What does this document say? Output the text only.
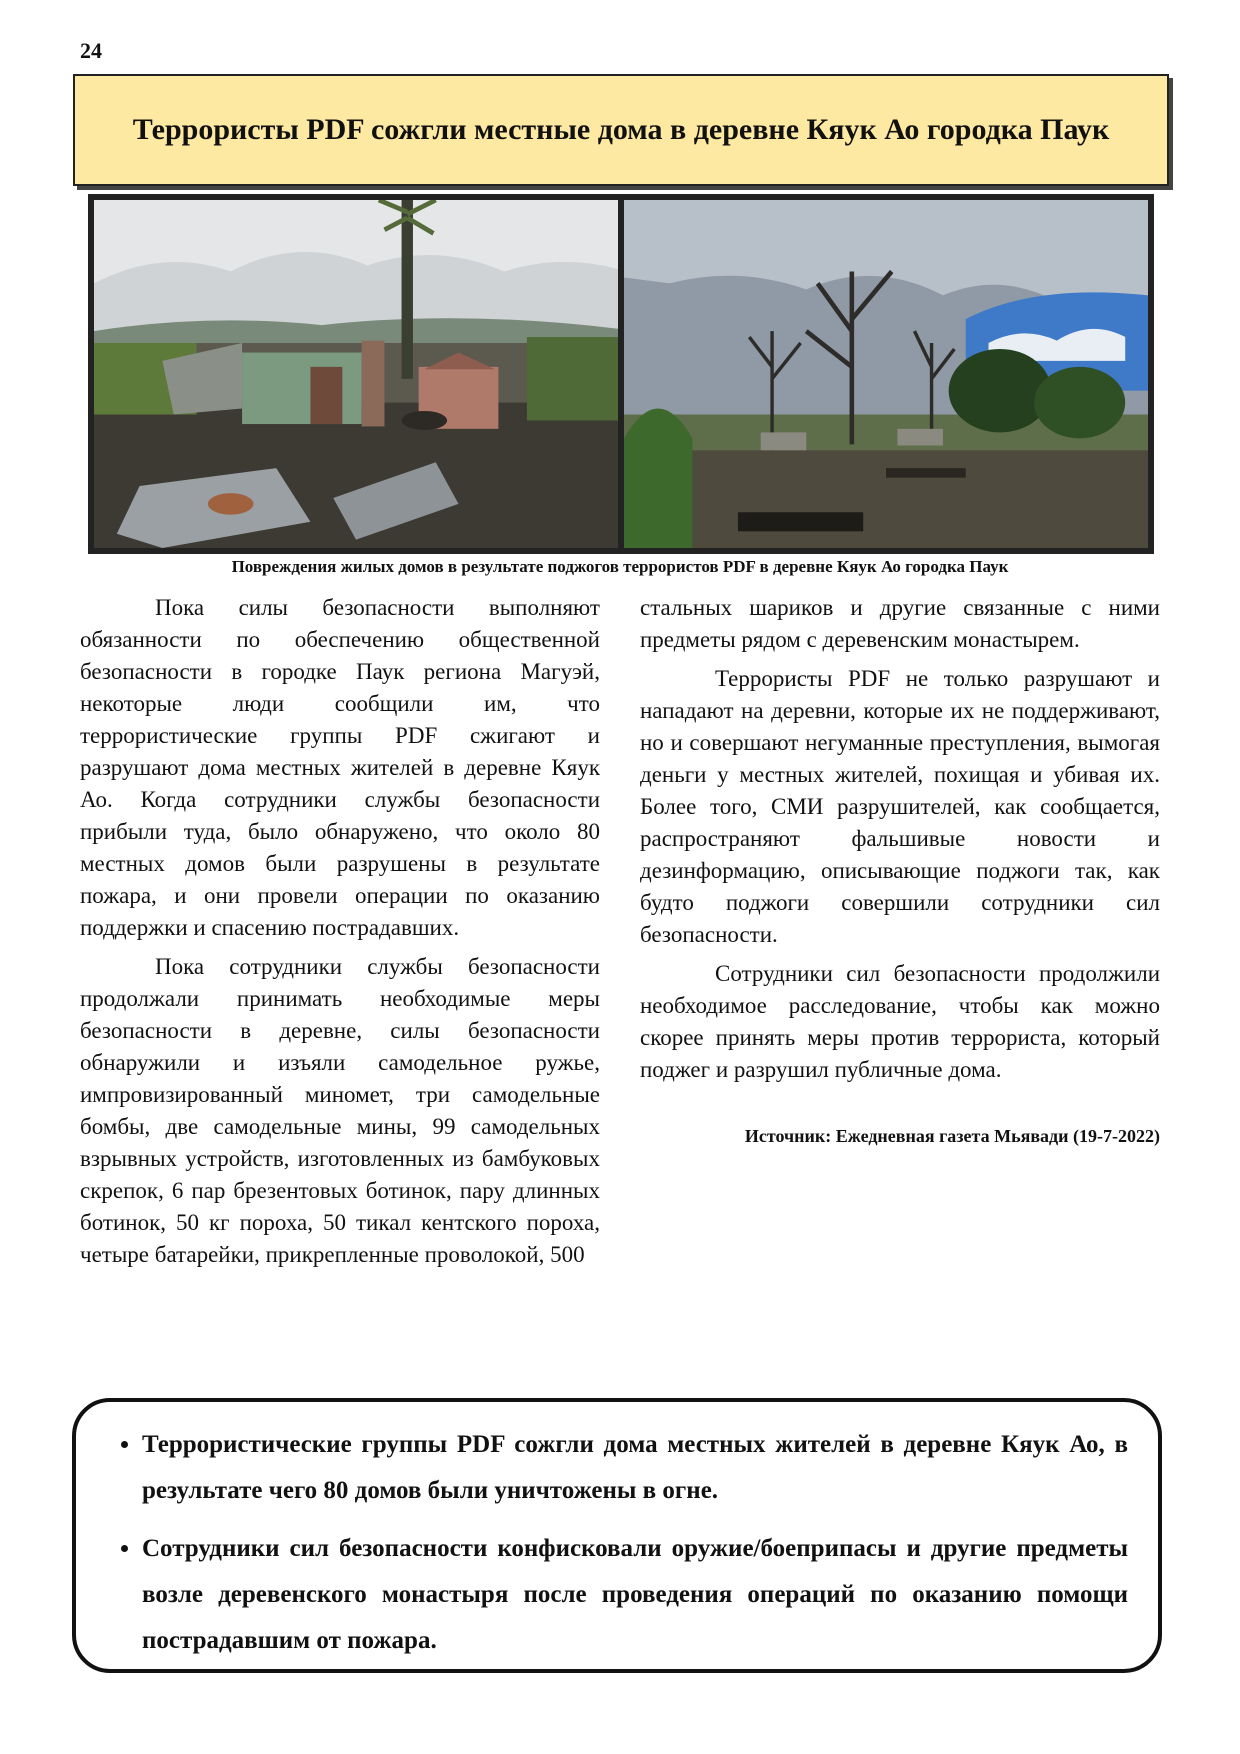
24
Террористы PDF сожгли местные дома в деревне Кяук Ао городка Паук
Повреждения жилых домов в результате поджогов террористов PDF в деревне Кяук Ао городка Паук

Пока силы безопасности выполняют обязанности по обеспечению общественной безопасности в городке Паук региона Магуэй, некоторые люди сообщили им, что террористические группы PDF сжигают и разрушают дома местных жителей в деревне Кяук Ао. Когда сотрудники службы безопасности прибыли туда, было обнаружено, что около 80 местных домов были разрушены в результате пожара, и они провели операции по оказанию поддержки и спасению пострадавших.

Пока сотрудники службы безопасности продолжали принимать необходимые меры безопасности в деревне, силы безопасности обнаружили и изъяли самодельное ружье, импровизированный миномет, три самодельные бомбы, две самодельные мины, 99 самодельных взрывных устройств, изготовленных из бамбуковых скрепок, 6 пар брезентовых ботинок, пару длинных ботинок, 50 кг пороха, 50 тикал кентского пороха, четыре батарейки, прикрепленные проволокой, 500

стальных шариков и другие связанные с ними предметы рядом с деревенским монастырем.

Террористы PDF не только разрушают и нападают на деревни, которые их не поддерживают, но и совершают негуманные преступления, вымогая деньги у местных жителей, похищая и убивая их. Более того, СМИ разрушителей, как сообщается, распространяют фальшивые новости и дезинформацию, описывающие поджоги так, как будто поджоги совершили сотрудники сил безопасности.

Сотрудники сил безопасности продолжили необходимое расследование, чтобы как можно скорее принять меры против террориста, который поджег и разрушил публичные дома.

Источник: Ежедневная газета Мьявади (19-7-2022)
• Террористические группы PDF сожгли дома местных жителей в деревне Кяук Ао, в результате чего 80 домов были уничтожены в огне.
• Сотрудники сил безопасности конфисковали оружие/боеприпасы и другие предметы возле деревенского монастыря после проведения операций по оказанию помощи пострадавшим от пожара.
